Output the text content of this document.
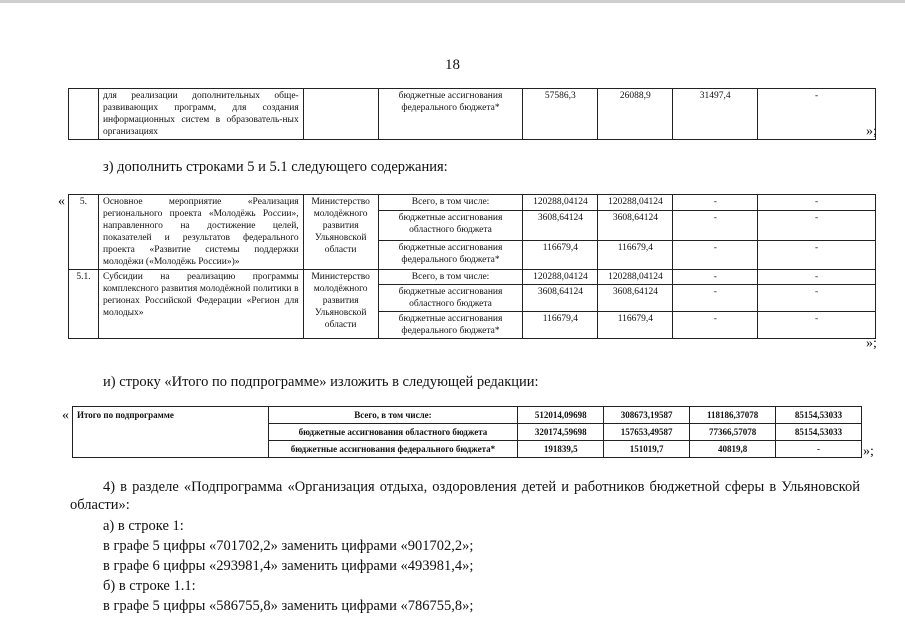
18
	для реализации дополнительных обще-развивающих программ, для создания информационных систем в образователь-ных организациях		бюджетные ассигнования федерального бюджета*	57586,3	26088,9	31497,4	-
»;
з) дополнить строками 5 и 5.1 следующего содержания:
« 5.	Основное мероприятие «Реализация регионального проекта «Молодёжь России», направленного на достижение целей, показателей и результатов федерального проекта «Развитие системы поддержки молодёжи («Молодёжь России»)»	Министерство молодёжного развития Ульяновской области	Всего, в том числе:	120288,04124	120288,04124	-	-
			бюджетные ассигнования областного бюджета	3608,64124	3608,64124	-	-
			бюджетные ассигнования федерального бюджета*	116679,4	116679,4	-	-
5.1.	Субсидии на реализацию программы комплексного развития молодёжной политики в регионах Российской Федерации «Регион для молодых»	Министерство молодёжного развития Ульяновской области	Всего, в том числе:	120288,04124	120288,04124	-	-
			бюджетные ассигнования областного бюджета	3608,64124	3608,64124	-	-
			бюджетные ассигнования федерального бюджета*	116679,4	116679,4	-	-
»;
и) строку «Итого по подпрограмме» изложить в следующей редакции:
« Итого по подпрограмме	Всего, в том числе:	512014,09698	308673,19587	118186,37078	85154,53033
	бюджетные ассигнования областного бюджета	320174,59698	157653,49587	77366,57078	85154,53033
	бюджетные ассигнования федерального бюджета*	191839,5	151019,7	40819,8	-	»;
4) в разделе «Подпрограмма «Организация отдыха, оздоровления детей и работников бюджетной сферы в Ульяновской области»:
а) в строке 1:
в графе 5 цифры «701702,2» заменить цифрами «901702,2»;
в графе 6 цифры «293981,4» заменить цифрами «493981,4»;
б) в строке 1.1:
в графе 5 цифры «586755,8» заменить цифрами «786755,8»;
